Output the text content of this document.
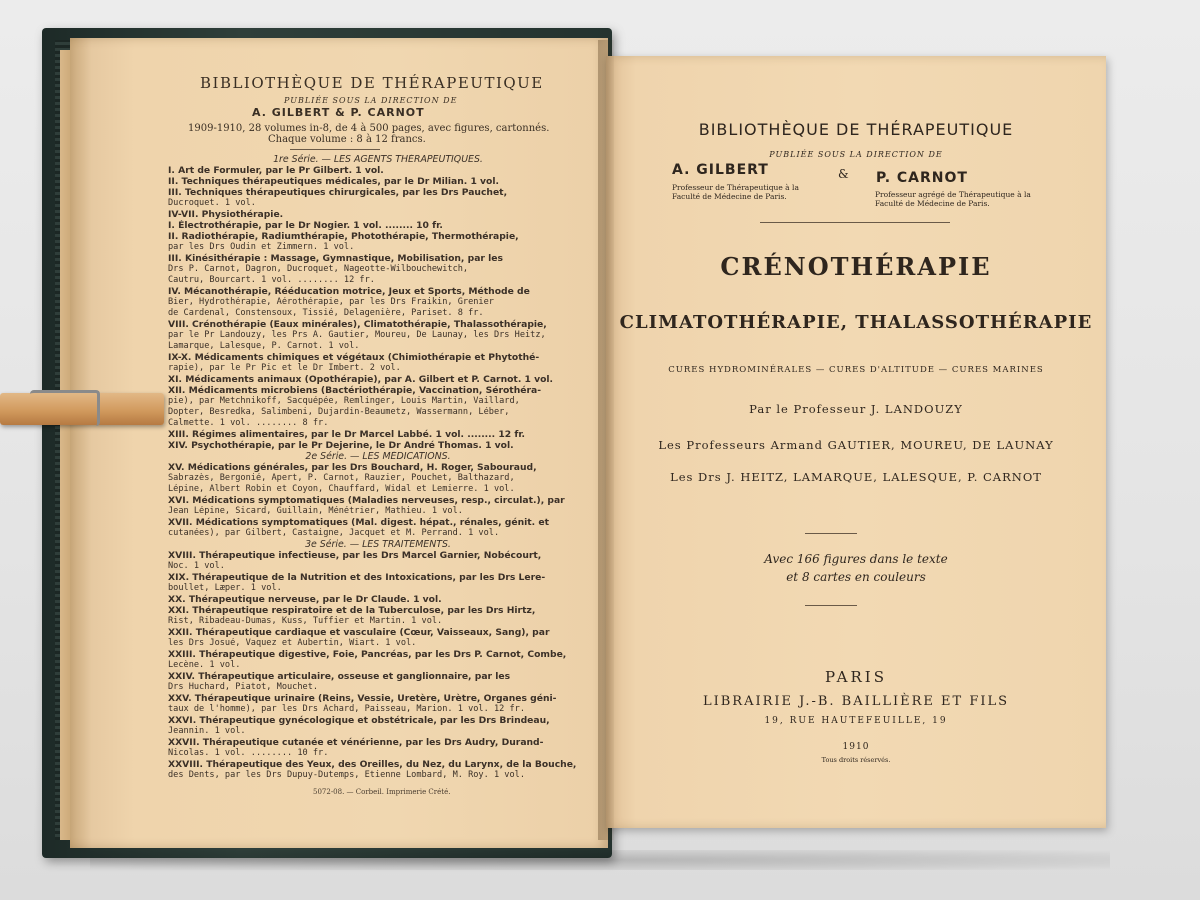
BIBLIOTHÈQUE DE THÉRAPEUTIQUE
PUBLIÉE SOUS LA DIRECTION DE
A. GILBERT & P. CARNOT
1909-1910, 28 volumes in-8, de 4 à 500 pages, avec figures, cartonnés.
Chaque volume : 8 à 12 francs.
1re Série. — LES AGENTS THÉRAPEUTIQUES.
I. Art de Formuler, par le Pr Gilbert. 1 vol.
II. Techniques thérapeutiques médicales, par le Dr Milian. 1 vol.
III. Techniques thérapeutiques chirurgicales, par les Drs Pauchet,
Ducroquet. 1 vol.
IV-VII. Physiothérapie.
I. Électrothérapie, par le Dr Nogier. 1 vol. ........ 10 fr.
II. Radiothérapie, Radiumthérapie, Photothérapie, Thermothérapie,
par les Drs Oudin et Zimmern. 1 vol.
III. Kinésithérapie : Massage, Gymnastique, Mobilisation, par les
Drs P. Carnot, Dagron, Ducroquet, Nageotte-Wilbouchewitch,
Cautru, Bourcart. 1 vol. ........ 12 fr.
IV. Mécanothérapie, Rééducation motrice, Jeux et Sports, Méthode de
Bier, Hydrothérapie, Aérothérapie, par les Drs Fraikin, Grenier
de Cardenal, Constensoux, Tissié, Delagenière, Pariset. 8 fr.
VIII. Crénothérapie (Eaux minérales), Climatothérapie, Thalassothérapie,
par le Pr Landouzy, les Prs A. Gautier, Moureu, De Launay, les Drs Heitz,
Lamarque, Lalesque, P. Carnot. 1 vol.
IX-X. Médicaments chimiques et végétaux (Chimiothérapie et Phytothé-
rapie), par le Pr Pic et le Dr Imbert. 2 vol.
XI. Médicaments animaux (Opothérapie), par A. Gilbert et P. Carnot. 1 vol.
XII. Médicaments microbiens (Bactériothérapie, Vaccination, Sérothéra-
pie), par Metchnikoff, Sacquépée, Remlinger, Louis Martin, Vaillard,
Dopter, Besredka, Salimbeni, Dujardin-Beaumetz, Wassermann, Léber,
Calmette. 1 vol. ........ 8 fr.
XIII. Régimes alimentaires, par le Dr Marcel Labbé. 1 vol. ........ 12 fr.
XIV. Psychothérapie, par le Pr Dejerine, le Dr André Thomas. 1 vol.
2e Série. — LES MÉDICATIONS.
XV. Médications générales, par les Drs Bouchard, H. Roger, Sabouraud,
Sabrazès, Bergonié, Apert, P. Carnot, Rauzier, Pouchet, Balthazard,
Lépine, Albert Robin et Coyon, Chauffard, Widal et Lemierre. 1 vol.
XVI. Médications symptomatiques (Maladies nerveuses, resp., circulat.), par
Jean Lépine, Sicard, Guillain, Ménétrier, Mathieu. 1 vol.
XVII. Médications symptomatiques (Mal. digest. hépat., rénales, génit. et
cutanées), par Gilbert, Castaigne, Jacquet et M. Perrand. 1 vol.
3e Série. — LES TRAITEMENTS.
XVIII. Thérapeutique infectieuse, par les Drs Marcel Garnier, Nobécourt,
Noc. 1 vol.
XIX. Thérapeutique de la Nutrition et des Intoxications, par les Drs Lere-
boullet, Læper. 1 vol.
XX. Thérapeutique nerveuse, par le Dr Claude. 1 vol.
XXI. Thérapeutique respiratoire et de la Tuberculose, par les Drs Hirtz,
Rist, Ribadeau-Dumas, Kuss, Tuffier et Martin. 1 vol.
XXII. Thérapeutique cardiaque et vasculaire (Cœur, Vaisseaux, Sang), par
les Drs Josué, Vaquez et Aubertin, Wiart. 1 vol.
XXIII. Thérapeutique digestive, Foie, Pancréas, par les Drs P. Carnot, Combe,
Lecène. 1 vol.
XXIV. Thérapeutique articulaire, osseuse et ganglionnaire, par les
Drs Huchard, Piatot, Mouchet.
XXV. Thérapeutique urinaire (Reins, Vessie, Uretère, Urètre, Organes géni-
taux de l'homme), par les Drs Achard, Paisseau, Marion. 1 vol. 12 fr.
XXVI. Thérapeutique gynécologique et obstétricale, par les Drs Brindeau,
Jeannin. 1 vol.
XXVII. Thérapeutique cutanée et vénérienne, par les Drs Audry, Durand-
Nicolas. 1 vol. ........ 10 fr.
XXVIII. Thérapeutique des Yeux, des Oreilles, du Nez, du Larynx, de la Bouche,
des Dents, par les Drs Dupuy-Dutemps, Etienne Lombard, M. Roy. 1 vol.
5072-08. — Corbeil. Imprimerie Crété.
BIBLIOTHÈQUE DE THÉRAPEUTIQUE
PUBLIÉE SOUS LA DIRECTION DE
A. GILBERT	& P. CARNOT
Professeur de Thérapeutique à la Faculté de Médecine de Paris.	Professeur agrégé de Thérapeutique à la Faculté de Médecine de Paris.
CRÉNOTHÉRAPIE
CLIMATOTHÉRAPIE, THALASSOTHÉRAPIE
CURES HYDROMINÉRALES — CURES D'ALTITUDE — CURES MARINES
Par le Professeur J. LANDOUZY
Les Professeurs Armand GAUTIER, MOUREU, DE LAUNAY
Les Drs J. HEITZ, LAMARQUE, LALESQUE, P. CARNOT
Avec 166 figures dans le texte
et 8 cartes en couleurs
PARIS
LIBRAIRIE J.-B. BAILLIÈRE ET FILS
19, RUE HAUTEFEUILLE, 19
1910
Tous droits réservés.
